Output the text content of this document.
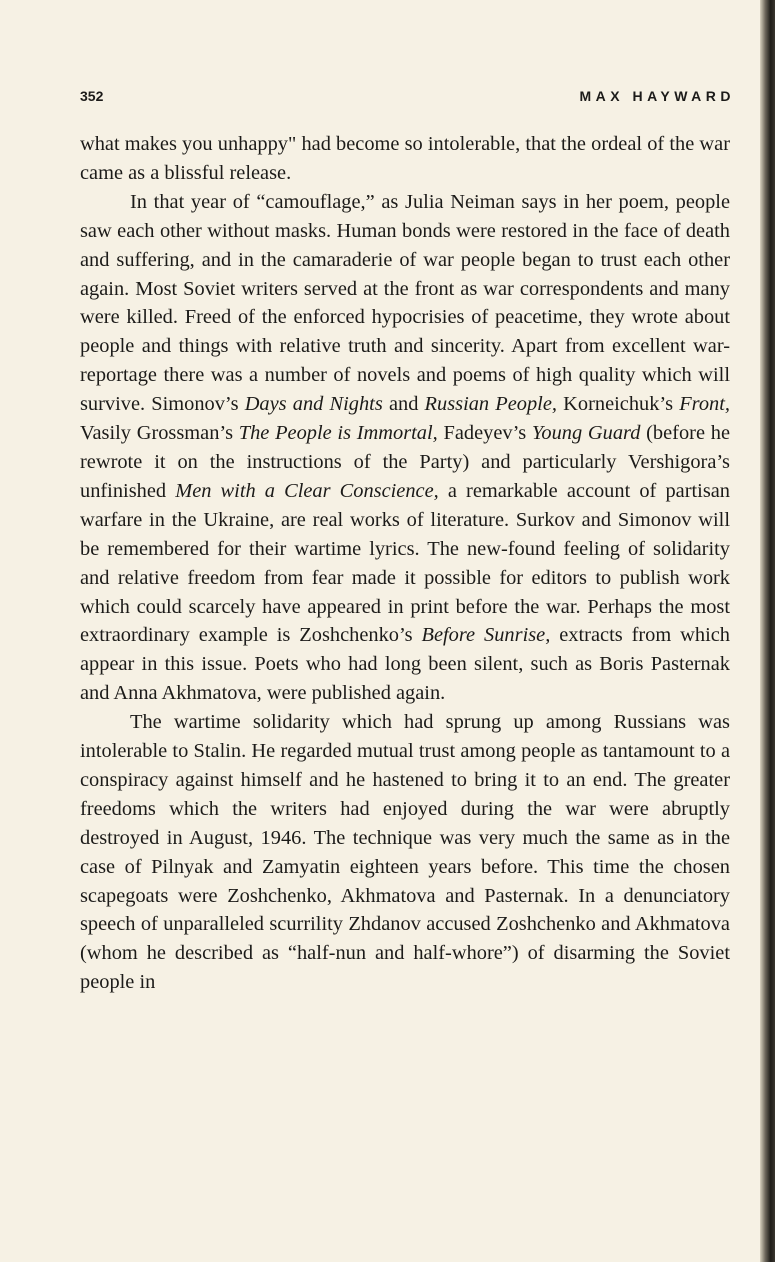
352	MAX HAYWARD

what makes you unhappy" had become so intolerable, that the ordeal of the war came as a blissful release.

In that year of “camouflage,” as Julia Neiman says in her poem, people saw each other without masks. Human bonds were restored in the face of death and suffering, and in the camaraderie of war people began to trust each other again. Most Soviet writers served at the front as war correspondents and many were killed. Freed of the enforced hypocrisies of peacetime, they wrote about people and things with relative truth and sincerity. Apart from excellent war-reportage there was a number of novels and poems of high quality which will survive. Simonov’s Days and Nights and Russian People, Korneichuk’s Front, Vasily Grossman’s The People is Immortal, Fadeyev’s Young Guard (before he rewrote it on the instructions of the Party) and particularly Vershigora’s unfinished Men with a Clear Conscience, a remarkable account of partisan warfare in the Ukraine, are real works of literature. Surkov and Simonov will be remembered for their wartime lyrics. The new-found feeling of solidarity and relative freedom from fear made it possible for editors to publish work which could scarcely have appeared in print before the war. Perhaps the most extraordinary example is Zoshchenko’s Before Sunrise, extracts from which appear in this issue. Poets who had long been silent, such as Boris Pasternak and Anna Akhmatova, were published again.

The wartime solidarity which had sprung up among Russians was intolerable to Stalin. He regarded mutual trust among people as tantamount to a conspiracy against himself and he hastened to bring it to an end. The greater freedoms which the writers had enjoyed during the war were abruptly destroyed in August, 1946. The technique was very much the same as in the case of Pilnyak and Zamyatin eighteen years before. This time the chosen scapegoats were Zoshchenko, Akhmatova and Pasternak. In a denunciatory speech of unparalleled scurrility Zhdanov accused Zoshchenko and Akhmatova (whom he described as “half-nun and half-whore”) of disarming the Soviet people in
